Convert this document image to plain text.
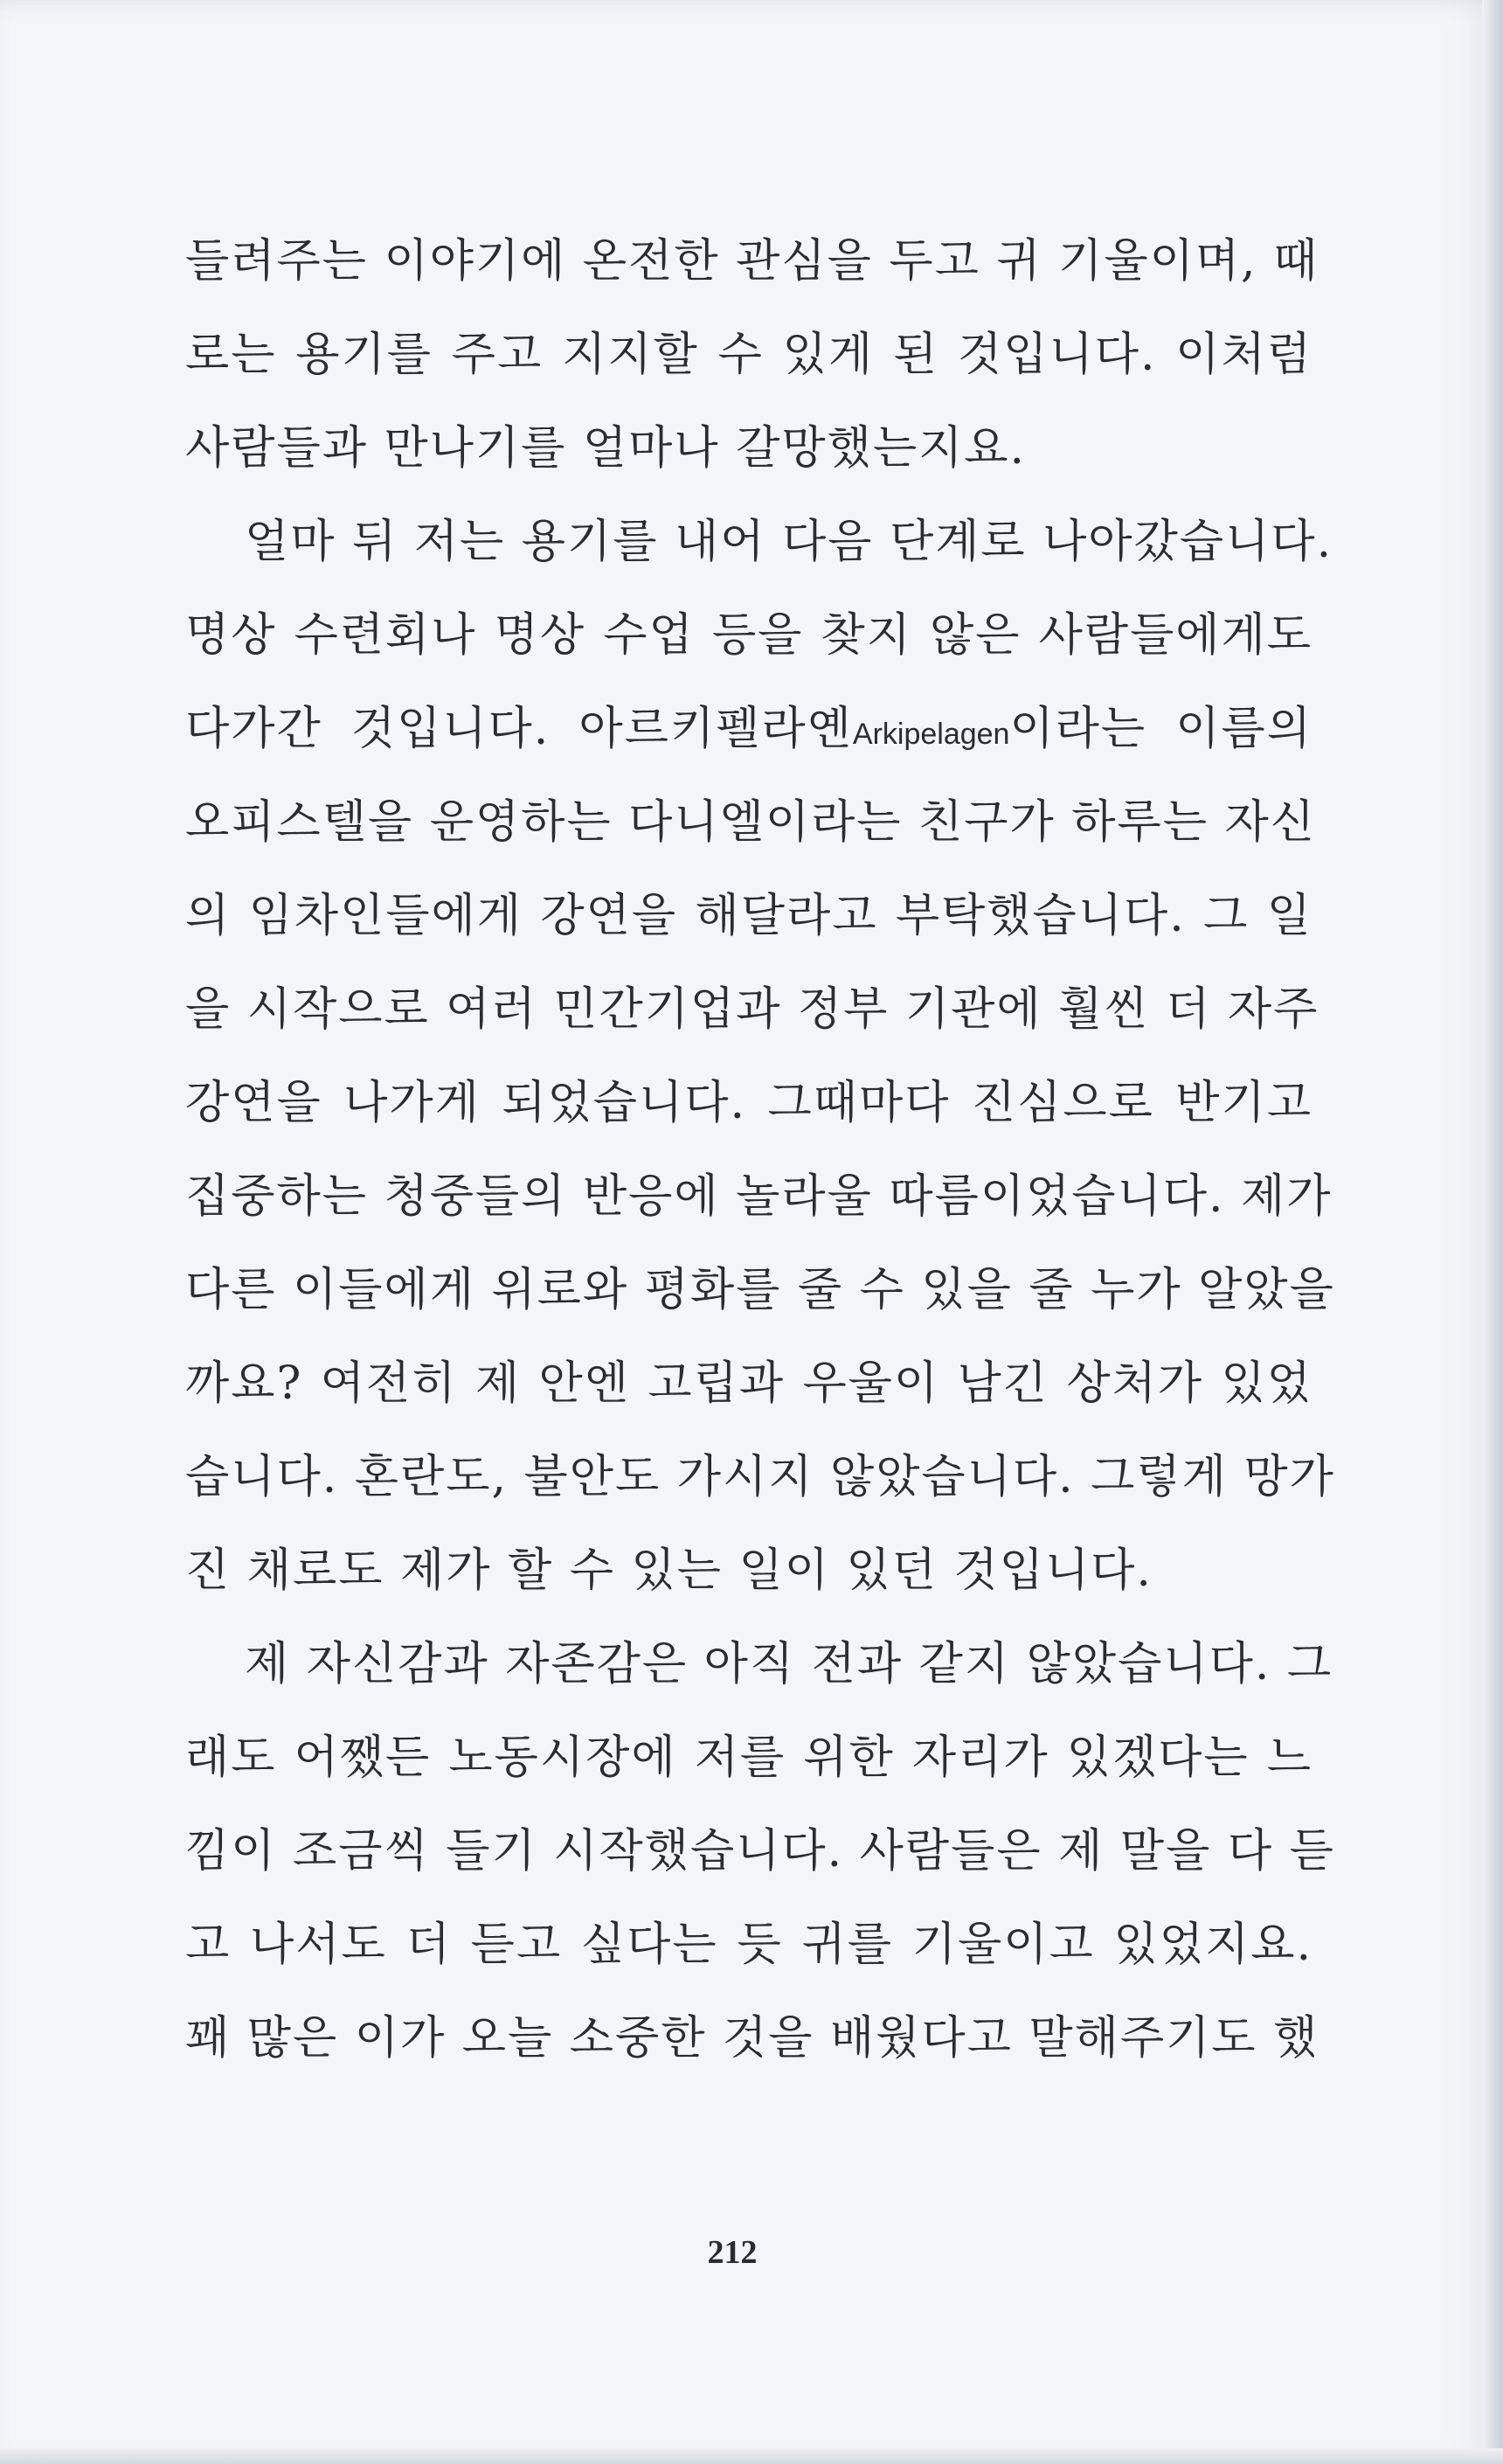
들려주는 이야기에 온전한 관심을 두고 귀 기울이며, 때
로는 용기를 주고 지지할 수 있게 된 것입니다. 이처럼
사람들과 만나기를 얼마나 갈망했는지요.
얼마 뒤 저는 용기를 내어 다음 단계로 나아갔습니다.
명상 수련회나 명상 수업 등을 찾지 않은 사람들에게도
다가간 것입니다. 아르키펠라옌Arkipelagen이라는 이름의
오피스텔을 운영하는 다니엘이라는 친구가 하루는 자신
의 임차인들에게 강연을 해달라고 부탁했습니다. 그 일
을 시작으로 여러 민간기업과 정부 기관에 훨씬 더 자주
강연을 나가게 되었습니다. 그때마다 진심으로 반기고
집중하는 청중들의 반응에 놀라울 따름이었습니다. 제가
다른 이들에게 위로와 평화를 줄 수 있을 줄 누가 알았을
까요? 여전히 제 안엔 고립과 우울이 남긴 상처가 있었
습니다. 혼란도, 불안도 가시지 않았습니다. 그렇게 망가
진 채로도 제가 할 수 있는 일이 있던 것입니다.
제 자신감과 자존감은 아직 전과 같지 않았습니다. 그
래도 어쨌든 노동시장에 저를 위한 자리가 있겠다는 느
낌이 조금씩 들기 시작했습니다. 사람들은 제 말을 다 듣
고 나서도 더 듣고 싶다는 듯 귀를 기울이고 있었지요.
꽤 많은 이가 오늘 소중한 것을 배웠다고 말해주기도 했
212
